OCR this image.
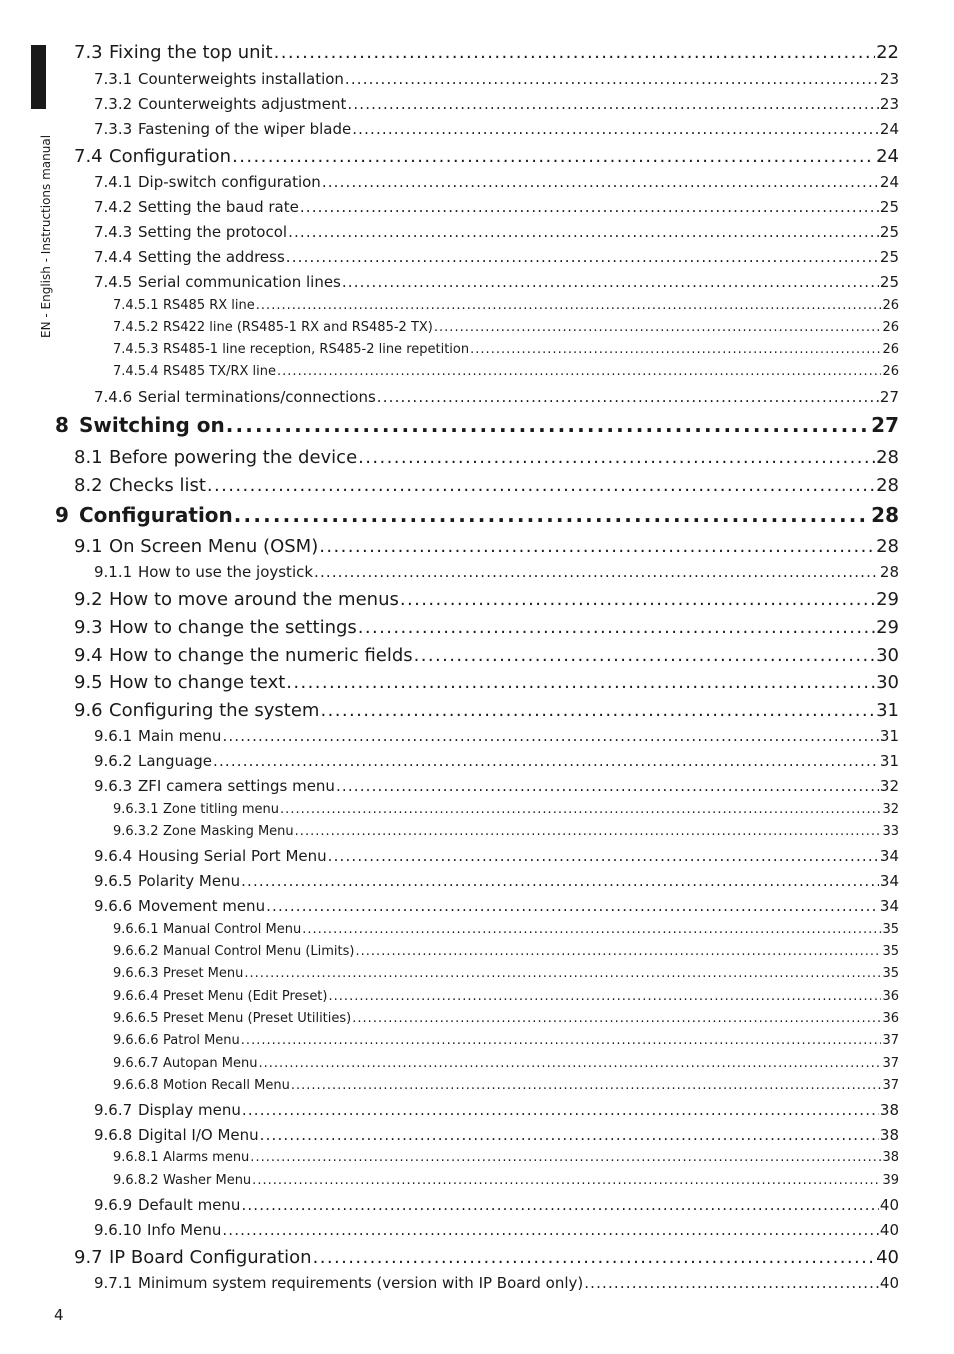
EN - English - Instructions manual
7.3 Fixing the top unit . . .	22
7.3.1 Counterweights installation . . .	23
7.3.2 Counterweights adjustment . . .	23
7.3.3 Fastening of the wiper blade . . .	24
7.4 Configuration . . .	24
7.4.1 Dip-switch configuration . . .	24
7.4.2 Setting the baud rate . . .	25
7.4.3 Setting the protocol . . .	25
7.4.4 Setting the address . . .	25
7.4.5 Serial communication lines . . .	25
7.4.5.1 RS485 RX line . . .	26
7.4.5.2 RS422 line (RS485-1 RX and RS485-2 TX) . . .	26
7.4.5.3 RS485-1 line reception, RS485-2 line repetition . . .	26
7.4.5.4 RS485 TX/RX line . . .	26
7.4.6 Serial terminations/connections . . .	27
8 Switching on . . .	27
8.1 Before powering the device . . .	28
8.2 Checks list . . .	28
9 Configuration . . .	28
9.1 On Screen Menu (OSM) . . .	28
9.1.1 How to use the joystick . . .	28
9.2 How to move around the menus . . .	29
9.3 How to change the settings . . .	29
9.4 How to change the numeric fields . . .	30
9.5 How to change text . . .	30
9.6 Configuring the system . . .	31
9.6.1 Main menu . . .	31
9.6.2 Language . . .	31
9.6.3 ZFI camera settings menu . . .	32
9.6.3.1 Zone titling menu . . .	32
9.6.3.2 Zone Masking Menu . . .	33
9.6.4 Housing Serial Port Menu . . .	34
9.6.5 Polarity Menu . . .	34
9.6.6 Movement menu . . .	34
9.6.6.1 Manual Control Menu . . .	35
9.6.6.2 Manual Control Menu (Limits) . . .	35
9.6.6.3 Preset Menu . . .	35
9.6.6.4 Preset Menu (Edit Preset) . . .	36
9.6.6.5 Preset Menu (Preset Utilities) . . .	36
9.6.6.6 Patrol Menu . . .	37
9.6.6.7 Autopan Menu . . .	37
9.6.6.8 Motion Recall Menu . . .	37
9.6.7 Display menu . . .	38
9.6.8 Digital I/O Menu . . .	38
9.6.8.1 Alarms menu . . .	38
9.6.8.2 Washer Menu . . .	39
9.6.9 Default menu . . .	40
9.6.10 Info Menu . . .	40
9.7 IP Board Configuration . . .	40
9.7.1 Minimum system requirements (version with IP Board only) . . .	40
4
